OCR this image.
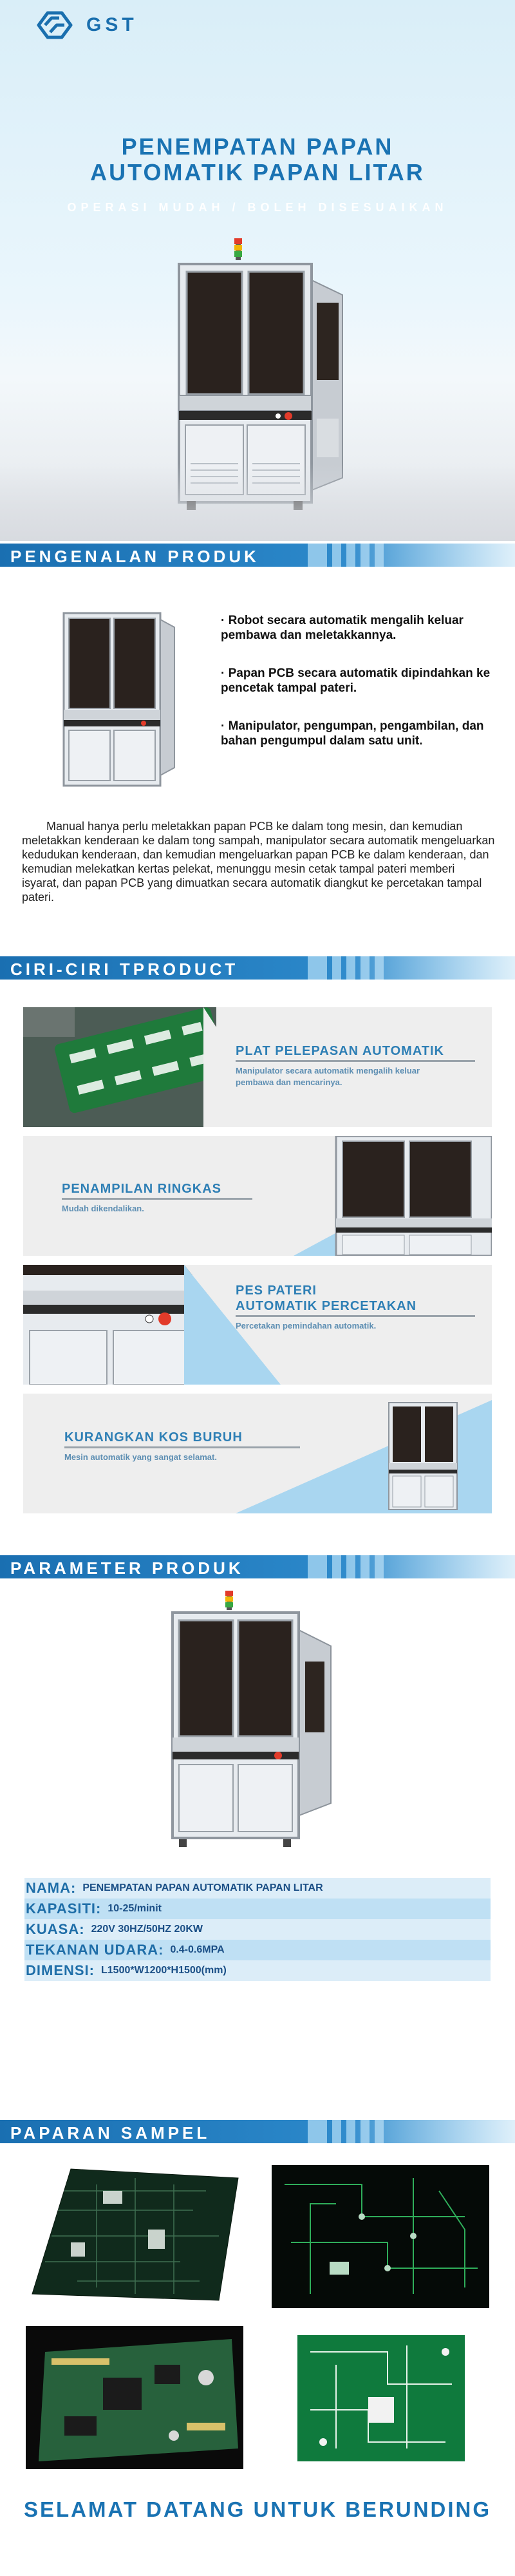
GST
PENEMPATAN PAPAN
AUTOMATIK PAPAN LITAR
OPERASI MUDAH / BOLEH DISESUAIKAN
PENGENALAN PRODUK

· Robot secara automatik mengalih keluar pembawa dan meletakkannya.

· Papan PCB secara automatik dipindahkan ke pencetak tampal pateri.

· Manipulator, pengumpan, pengambilan, dan bahan pengumpul dalam satu unit.

Manual hanya perlu meletakkan papan PCB ke dalam tong mesin, dan kemudian meletakkan kenderaan ke dalam tong sampah, manipulator secara automatik mengeluarkan kedudukan kenderaan, dan kemudian mengeluarkan papan PCB ke dalam kenderaan, dan kemudian melekatkan kertas pelekat, menunggu mesin cetak tampal pateri memberi isyarat, dan papan PCB yang dimuatkan secara automatik diangkut ke percetakan tampal pateri.

CIRI-CIRI TPRODUCT
PLAT PELEPASAN AUTOMATIK
Manipulator secara automatik mengalih keluar
pembawa dan mencarinya.
PENAMPILAN RINGKAS
Mudah dikendalikan.
PES PATERI
AUTOMATIK PERCETAKAN
Percetakan pemindahan automatik.
KURANGKAN KOS BURUH
Mesin automatik yang sangat selamat.
PARAMETER PRODUK
NAMA: PENEMPATAN PAPAN AUTOMATIK PAPAN LITAR
KAPASITI: 10-25/minit
KUASA: 220V 30HZ/50HZ 20KW
TEKANAN UDARA: 0.4-0.6MPA
DIMENSI: L1500*W1200*H1500(mm)
PAPARAN SAMPEL
SELAMAT DATANG UNTUK BERUNDING
